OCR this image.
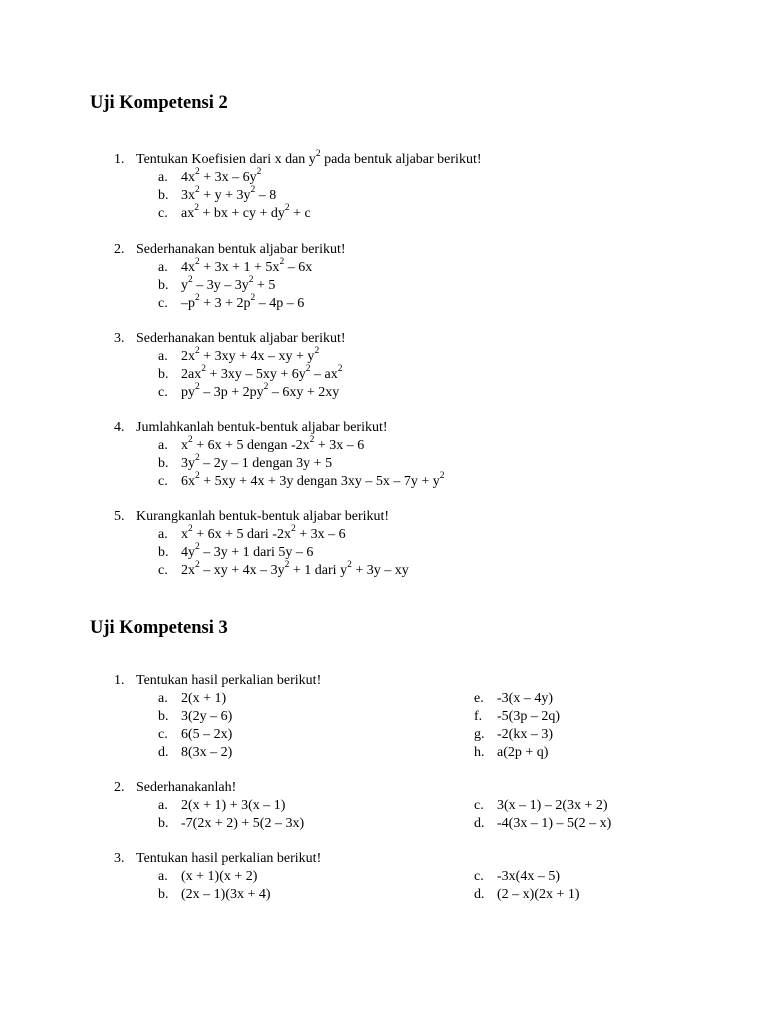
Uji Kompetensi 2
1. Tentukan Koefisien dari x dan $y^2$ pada bentuk aljabar berikut!
a. $4x^2 + 3x - 6y^2$
b. $3x^2 + y + 3y^2 - 8$
c. $ax^2$ + bx + cy + $dy^2 + c$
2. Sederhanakan bentuk aljabar berikut!
a. $4x^2 + 3x + 1 + 5x^2 - 6x$
b. $y^2 - 3y - 3y^2 + 5$
c. $-p^2 + 3 + 2p^2 - 4p - 6$
3. Sederhanakan bentuk aljabar berikut!
a. $2x^2 + 3xy + 4x$ – xy + $y^2$
b. $2ax^2 + 3xy - 5xy + 6y^2 - ax^2$
c. $py^2 - 3p + 2py^2 - 6xy + 2xy$
4. Jumlahkanlah bentuk-bentuk aljabar berikut!
a. $x^2 + 6x + 5$ dengan $-2x^2 + 3x - 6$
b. $3y^2 - 2y - 1$ dengan 3y + 5
c. $6x^2 + 5xy + 4x + 3y$ dengan $3xy - 5x - 7y + y^2$
5. Kurangkanlah bentuk-bentuk aljabar berikut!
a. $x^2 + 6x + 5$ dari $-2x^2 + 3x - 6$
b. $4y^2 - 3y + 1$ dari 5y – 6
c. $2x^2$ – xy + $4x - 3y^2 + 1$ dari $y^2 + 3y$ – xy
Uji Kompetensi 3
1. Tentukan hasil perkalian berikut!
a. 2(x + 1)	e. -3(x – 4y)
b. 3(2y – 6)	f. -5(3p – 2q)
c. 6(5 – 2x)	g. -2(kx – 3)
d. 8(3x – 2)	h. a(2p + q)
2. Sederhanakanlah!
a. 2(x + 1) + 3(x – 1)	c. 3(x – 1) – 2(3x + 2)
b. -7(2x + 2) + 5(2 – 3x)	d. -4(3x – 1) – 5(2 – x)
3. Tentukan hasil perkalian berikut!
a. (x + 1)(x + 2)	c. -3x(4x – 5)
b. (2x – 1)(3x + 4)	d. (2 – x)(2x + 1)
